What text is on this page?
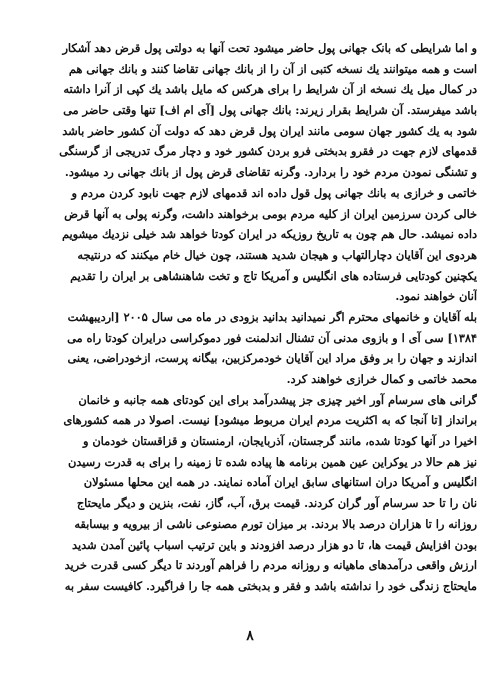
و اما شرایطی که بانک جهانی پول حاضر میشود تحت آنها به دولتی پول قرض دهد آشکار
است و همه میتوانند یك نسخه کتبی از آن را از بانك جهانی تقاضا کنند و بانك جهانی هم
در کمال میل یك نسخه از آن شرایط را برای هرکس که مایل باشد یك کپی از آنرا داشته
باشد میفرستد. آن شرایط بقرار زیرند: بانك جهانی پول [آی ام اف] تنها وقتی حاضر می
شود به یك کشور جهان سومی مانند ایران پول قرض دهد که دولت آن کشور حاضر باشد
قدمهای لازم جهت در فقرو بدبختی فرو بردن کشور خود و دچار مرگ تدریجی از گرسنگی
و تشنگی نمودن مردم خود را بردارد. وگرنه تقاضای قرض پول از بانك جهانی رد میشود.
خاتمی و خرازی به بانك جهانی پول قول داده اند قدمهای لازم جهت نابود کردن مردم و
خالی کردن سرزمین ایران از کلیه مردم بومی برخواهند داشت، وگرنه پولی به آنها قرض
داده نمیشد. حال هم چون به تاریخ روزیکه در ایران کودتا خواهد شد خیلی نزدیك میشویم
هردوی این آقایان دچارالتهاب و هیجان شدید هستند، چون خیال خام میکنند که درنتیجه
یکچنین کودتایی فرستاده های انگلیس و آمریکا تاج و تخت شاهنشاهی بر ایران را تقدیم
آنان خواهند نمود.
بله آقایان و خانمهای محترم اگر نمیدانید بدانید بزودی در ماه می سال ۲۰۰۵ [اردیبهشت
۱۳۸۴] سی آی ا و بازوی مدنی آن تشنال اندلمنت فور دموکراسی درایران کودتا راه می
اندازند و جهان را بر وفق مراد این آقایان خودمرکزبین، بیگانه پرست، ازخودراضی، یعنی
محمد خاتمی و کمال خرازی خواهند کرد.
گرانی های سرسام آور اخیر چیزی جز پیشدرآمد برای این کودتای همه جانبه و خانمان
برانداز [تا آنجا که به اکثریت مردم ایران مربوط میشود] نیست. اصولا در همه کشورهای
اخیرا در آنها کودتا شده، مانند گرجستان، آذربایجان، ارمنستان و قزاقستان خودمان و
نیز هم حالا در یوکراین عین همین برنامه ها پیاده شده تا زمینه را برای به قدرت رسیدن
انگلیس و آمریکا دران استانهای سابق ایران آماده نمایند. در همه این محلها مسئولان
نان را تا حد سرسام آور گران کردند. قیمت برق، آب، گاز، نفت، بنزین و دیگر مایحتاج
روزانه را تا هزاران درصد بالا بردند. بر میزان تورم مصنوعی ناشی از بیرویه و بیسابقه
بودن افزایش قیمت ها، تا دو هزار درصد افزودند و باین ترتیب اسباب پائین آمدن شدید
ارزش واقعی درآمدهای ماهیانه و روزانه مردم را فراهم آوردند تا دیگر کسی قدرت خرید
مایحتاج زندگی خود را نداشته باشد و فقر و بدبختی همه جا را فراگیرد. کافیست سفر به
۸
